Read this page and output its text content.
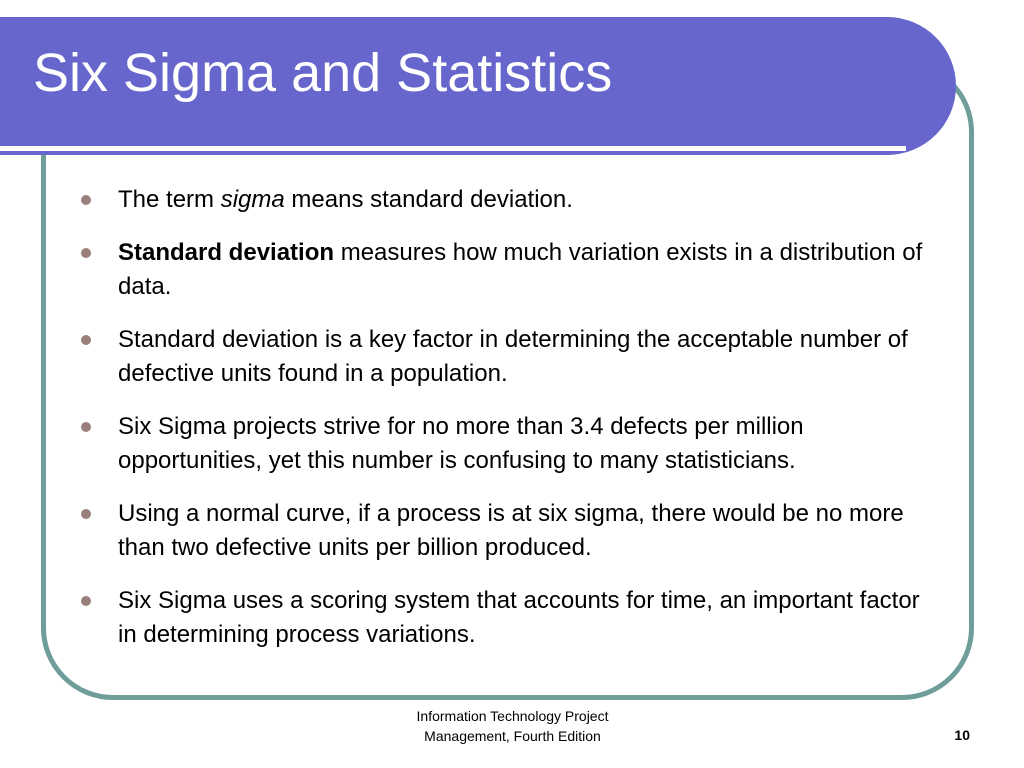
Six Sigma and Statistics
The term sigma means standard deviation.
Standard deviation measures how much variation exists in a distribution of data.
Standard deviation is a key factor in determining the acceptable number of defective units found in a population.
Six Sigma projects strive for no more than 3.4 defects per million opportunities, yet this number is confusing to many statisticians.
Using a normal curve, if a process is at six sigma, there would be no more than two defective units per billion produced.
Six Sigma uses a scoring system that accounts for time, an important factor in determining process variations.
Information Technology Project
Management, Fourth Edition	10
